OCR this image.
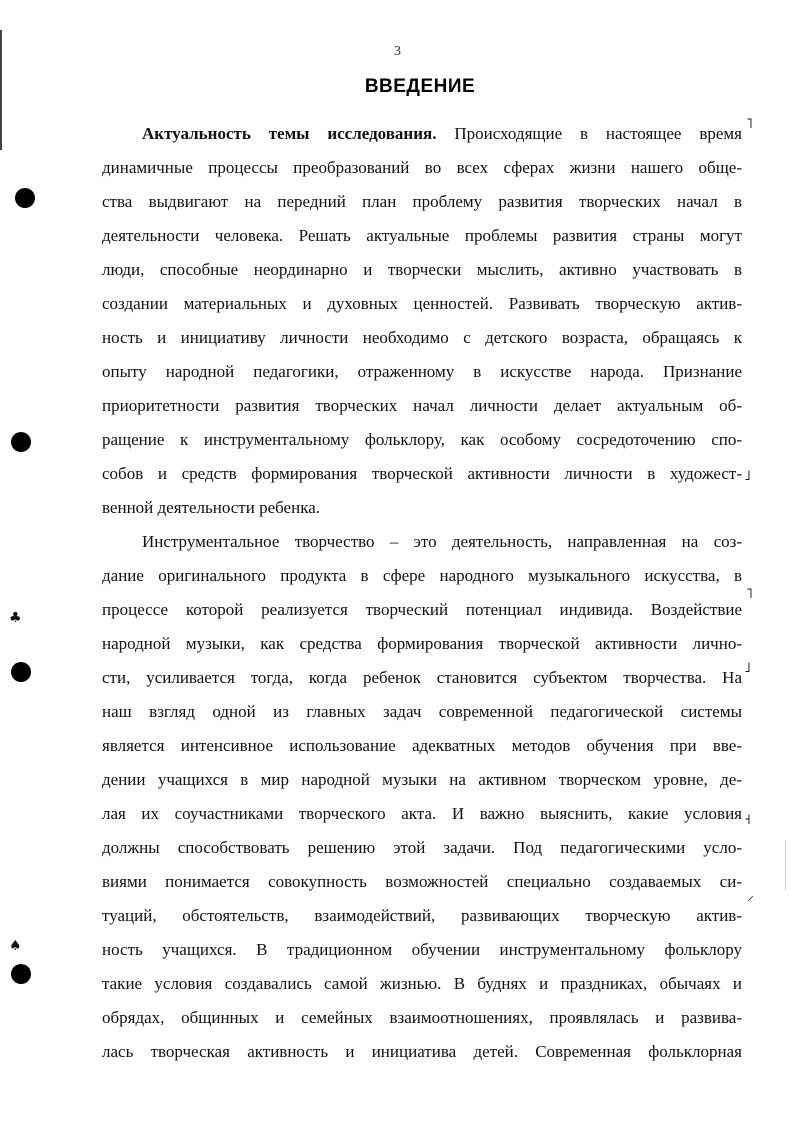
♣
♠
˥
˩
˥
˩
˧
⸝
3
ВВЕДЕНИЕ
Актуальность темы исследования. Происходящие в настоящее время
динамичные процессы преобразований во всех сферах жизни нашего обще-
ства выдвигают на передний план проблему развития творческих начал в
деятельности человека. Решать актуальные проблемы развития страны могут
люди, способные неординарно и творчески мыслить, активно участвовать в
создании материальных и духовных ценностей. Развивать творческую актив-
ность и инициативу личности необходимо с детского возраста, обращаясь к
опыту народной педагогики, отраженному в искусстве народа. Признание
приоритетности развития творческих начал личности делает актуальным об-
ращение к инструментальному фольклору, как особому сосредоточению спо-
собов и средств формирования творческой активности личности в художест-
венной деятельности ребенка.
Инструментальное творчество – это деятельность, направленная на соз-
дание оригинального продукта в сфере народного музыкального искусства, в
процессе которой реализуется творческий потенциал индивида. Воздействие
народной музыки, как средства формирования творческой активности лично-
сти, усиливается тогда, когда ребенок становится субъектом творчества. На
наш взгляд одной из главных задач современной педагогической системы
является интенсивное использование адекватных методов обучения при вве-
дении учащихся в мир народной музыки на активном творческом уровне, де-
лая их соучастниками творческого акта. И важно выяснить, какие условия
должны способствовать решению этой задачи. Под педагогическими усло-
виями понимается совокупность возможностей специально создаваемых си-
туаций, обстоятельств, взаимодействий, развивающих творческую актив-
ность учащихся. В традиционном обучении инструментальному фольклору
такие условия создавались самой жизнью. В буднях и праздниках, обычаях и
обрядах, общинных и семейных взаимоотношениях, проявлялась и развива-
лась творческая активность и инициатива детей. Современная фольклорная
